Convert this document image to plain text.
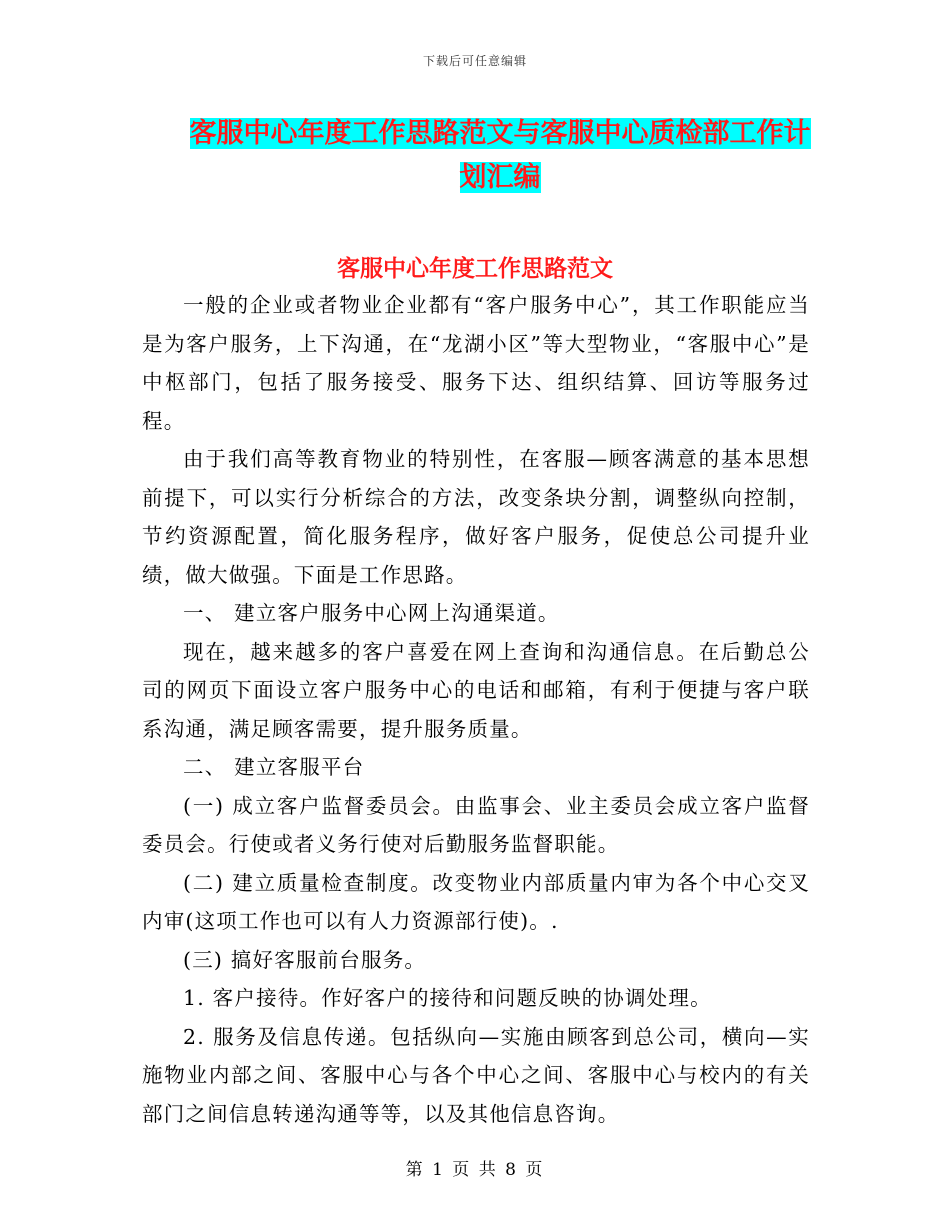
下载后可任意编辑
客服中心年度工作思路范文与客服中心质检部工作计
划汇编
客服中心年度工作思路范文

一般的企业或者物业企业都有“客户服务中心”，其工作职能应当是为客户服务，上下沟通，在“龙湖小区”等大型物业，“客服中心”是中枢部门，包括了服务接受、服务下达、组织结算、回访等服务过程。

由于我们高等教育物业的特别性，在客服—顾客满意的基本思想前提下，可以实行分析综合的方法，改变条块分割，调整纵向控制，节约资源配置，简化服务程序，做好客户服务，促使总公司提升业绩，做大做强。下面是工作思路。

一、 建立客户服务中心网上沟通渠道。

现在，越来越多的客户喜爱在网上查询和沟通信息。在后勤总公司的网页下面设立客户服务中心的电话和邮箱，有利于便捷与客户联系沟通，满足顾客需要，提升服务质量。

二、 建立客服平台

(一) 成立客户监督委员会。由监事会、业主委员会成立客户监督委员会。行使或者义务行使对后勤服务监督职能。

(二) 建立质量检查制度。改变物业内部质量内审为各个中心交叉内审(这项工作也可以有人力资源部行使)。.

(三) 搞好客服前台服务。

1. 客户接待。作好客户的接待和问题反映的协调处理。

2. 服务及信息传递。包括纵向—实施由顾客到总公司，横向—实施物业内部之间、客服中心与各个中心之间、客服中心与校内的有关部门之间信息转递沟通等等，以及其他信息咨询。

第 1 页 共 8 页
